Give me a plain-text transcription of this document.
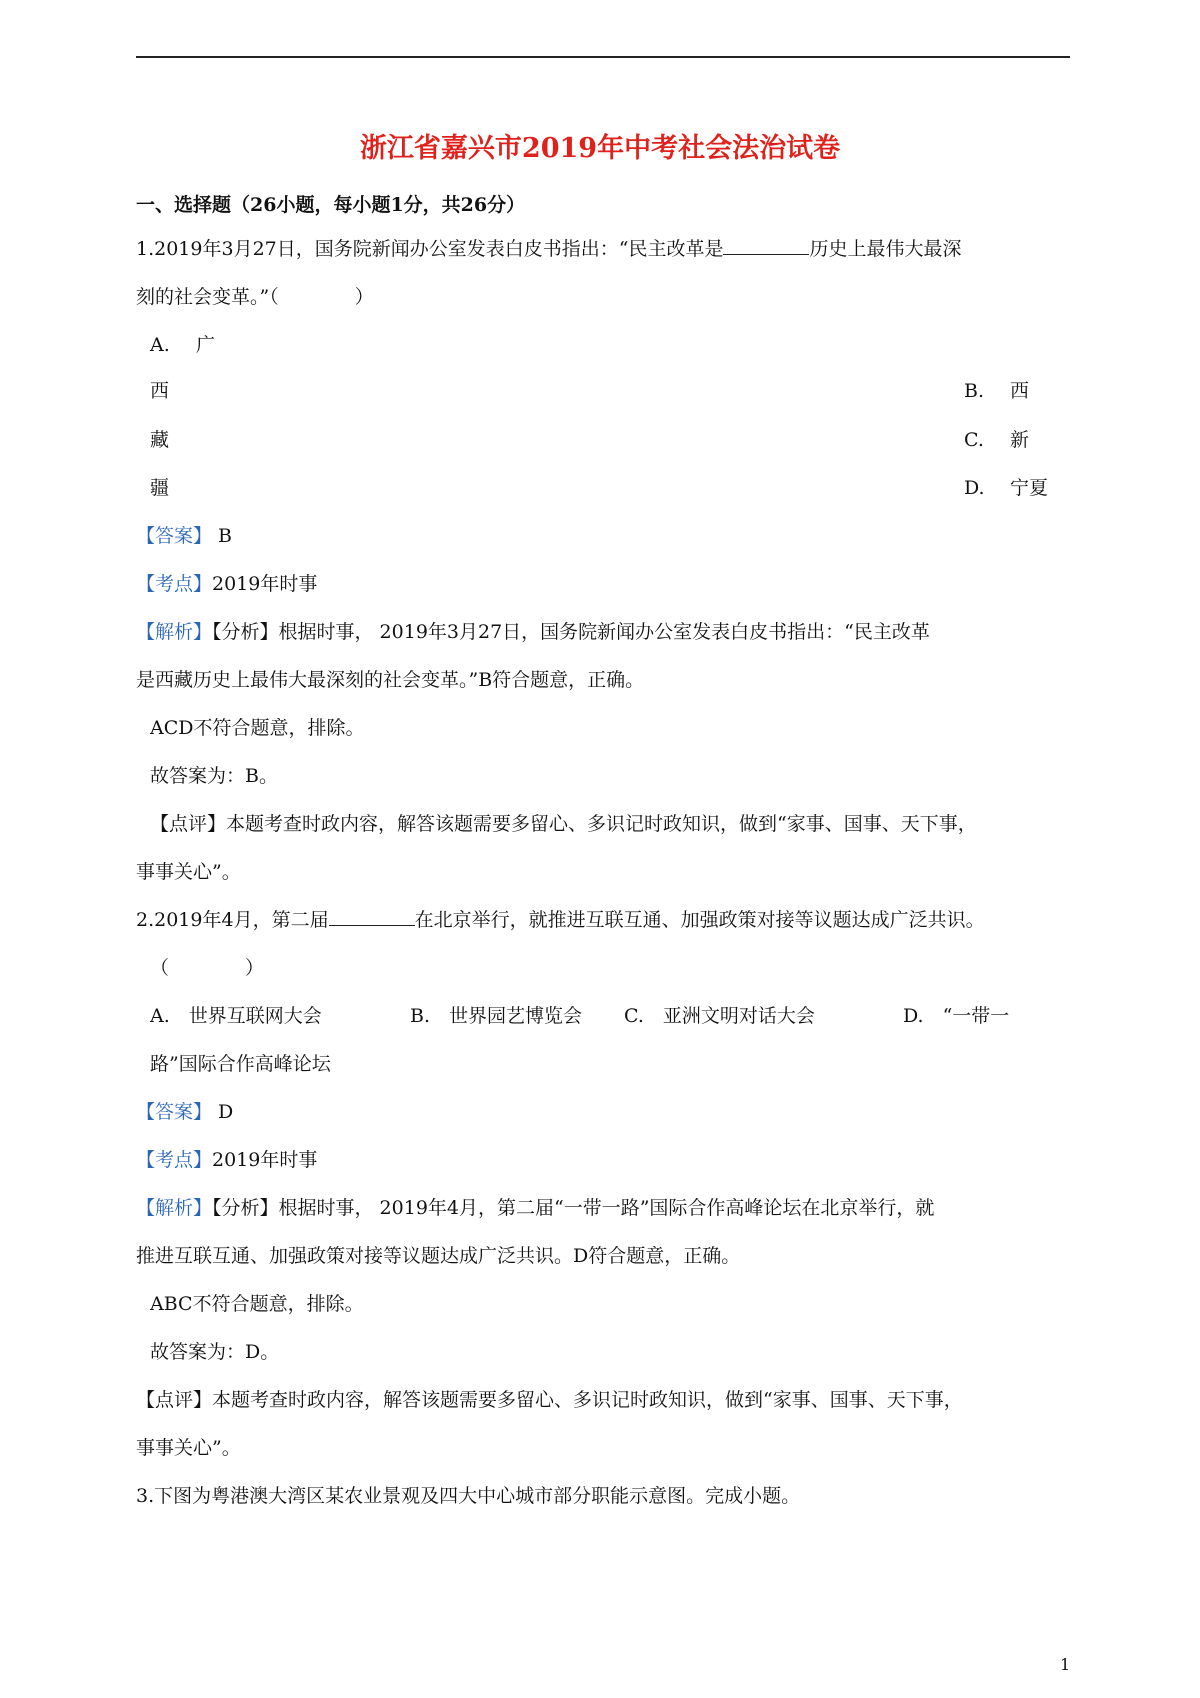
浙江省嘉兴市2019年中考社会法治试卷
一、选择题（26小题，每小题1分，共26分）
1.2019年3月27日，国务院新闻办公室发表白皮书指出：“民主改革是	历史上最伟大最深
刻的社会变革。”（　　　　）
A. 广
西
藏
疆
B. 西
C. 新
D. 宁夏
【答案】 B
【考点】2019年时事
【解析】【分析】根据时事， 2019年3月27日，国务院新闻办公室发表白皮书指出：“民主改革
是西藏历史上最伟大最深刻的社会变革。”B符合题意，正确。
ACD不符合题意，排除。
故答案为：B。
【点评】本题考查时政内容，解答该题需要多留心、多识记时政知识，做到“家事、国事、天下事，
事事关心”。
2.2019年4月，第二届	在北京举行，就推进互联互通、加强政策对接等议题达成广泛共识。
（　　　　）
A.　世界互联网大会	B.　世界园艺博览会 C.　亚洲文明对话大会	D.　“一带一
路”国际合作高峰论坛
【答案】 D
【考点】2019年时事
【解析】【分析】根据时事， 2019年4月，第二届“一带一路”国际合作高峰论坛在北京举行，就
推进互联互通、加强政策对接等议题达成广泛共识。D符合题意，正确。
ABC不符合题意，排除。
故答案为：D。
【点评】本题考查时政内容，解答该题需要多留心、多识记时政知识，做到“家事、国事、天下事，
事事关心”。
3.下图为粤港澳大湾区某农业景观及四大中心城市部分职能示意图。完成小题。
1
